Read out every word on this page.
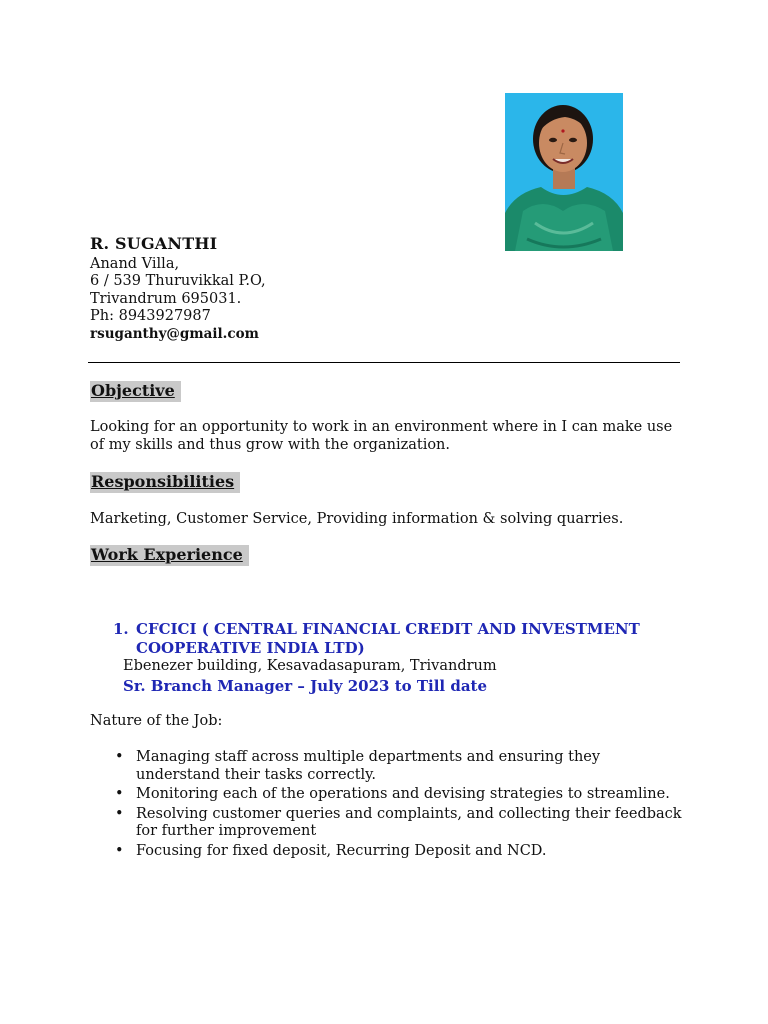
R. SUGANTHI
Anand Villa,
6 / 539 Thuruvikkal P.O,
Trivandrum 695031.
Ph: 8943927987
rsuganthy@gmail.com
Objective
Looking for an opportunity to work in an environment where in I can make use
of my skills and thus grow with the organization.
Responsibilities
Marketing, Customer Service, Providing information & solving quarries.
Work Experience
1. CFCICI ( CENTRAL FINANCIAL CREDIT AND INVESTMENT
COOPERATIVE INDIA LTD)
Ebenezer building, Kesavadasapuram, Trivandrum
Sr. Branch Manager – July 2023 to Till date
Nature of the Job:
• Managing staff across multiple departments and ensuring they
understand their tasks correctly.
• Monitoring each of the operations and devising strategies to streamline.
• Resolving customer queries and complaints, and collecting their feedback
for further improvement
• Focusing for fixed deposit, Recurring Deposit and NCD.
